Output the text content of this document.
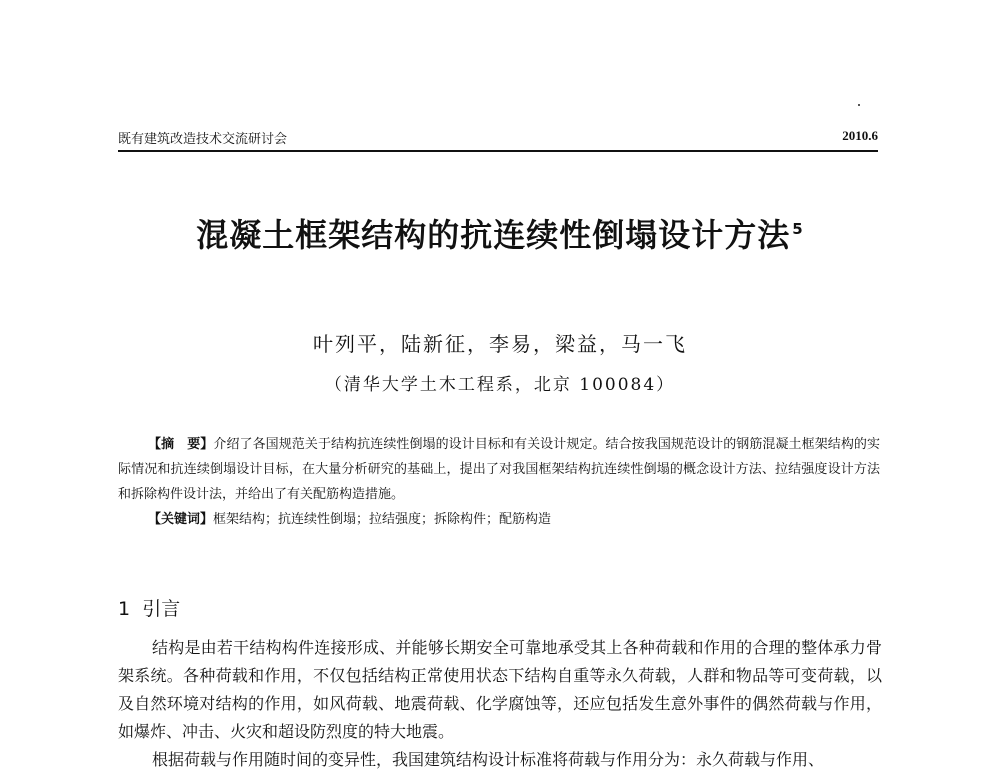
既有建筑改造技术交流研讨会	2010.6
混凝土框架结构的抗连续性倒塌设计方法 $^5$
叶列平，陆新征，李易，梁益，马一飞
（清华大学土木工程系，北京 100084）

【摘　要】介绍了各国规范关于结构抗连续性倒塌的设计目标和有关设计规定。结合按我国规范设计的钢筋混凝土框架结构的实际情况和抗连续倒塌设计目标，在大量分析研究的基础上，提出了对我国框架结构抗连续性倒塌的概念设计方法、拉结强度设计方法和拆除构件设计法，并给出了有关配筋构造措施。

【关键词】框架结构；抗连续性倒塌；拉结强度；拆除构件；配筋构造

1 引言

结构是由若干结构构件连接形成、并能够长期安全可靠地承受其上各种荷载和作用的合理的整体承力骨架系统。各种荷载和作用，不仅包括结构正常使用状态下结构自重等永久荷载，人群和物品等可变荷载，以及自然环境对结构的作用，如风荷载、地震荷载、化学腐蚀等，还应包括发生意外事件的偶然荷载与作用，如爆炸、冲击、火灾和超设防烈度的特大地震。

根据荷载与作用随时间的变异性，我国建筑结构设计标准将荷载与作用分为：永久荷载与作用、
